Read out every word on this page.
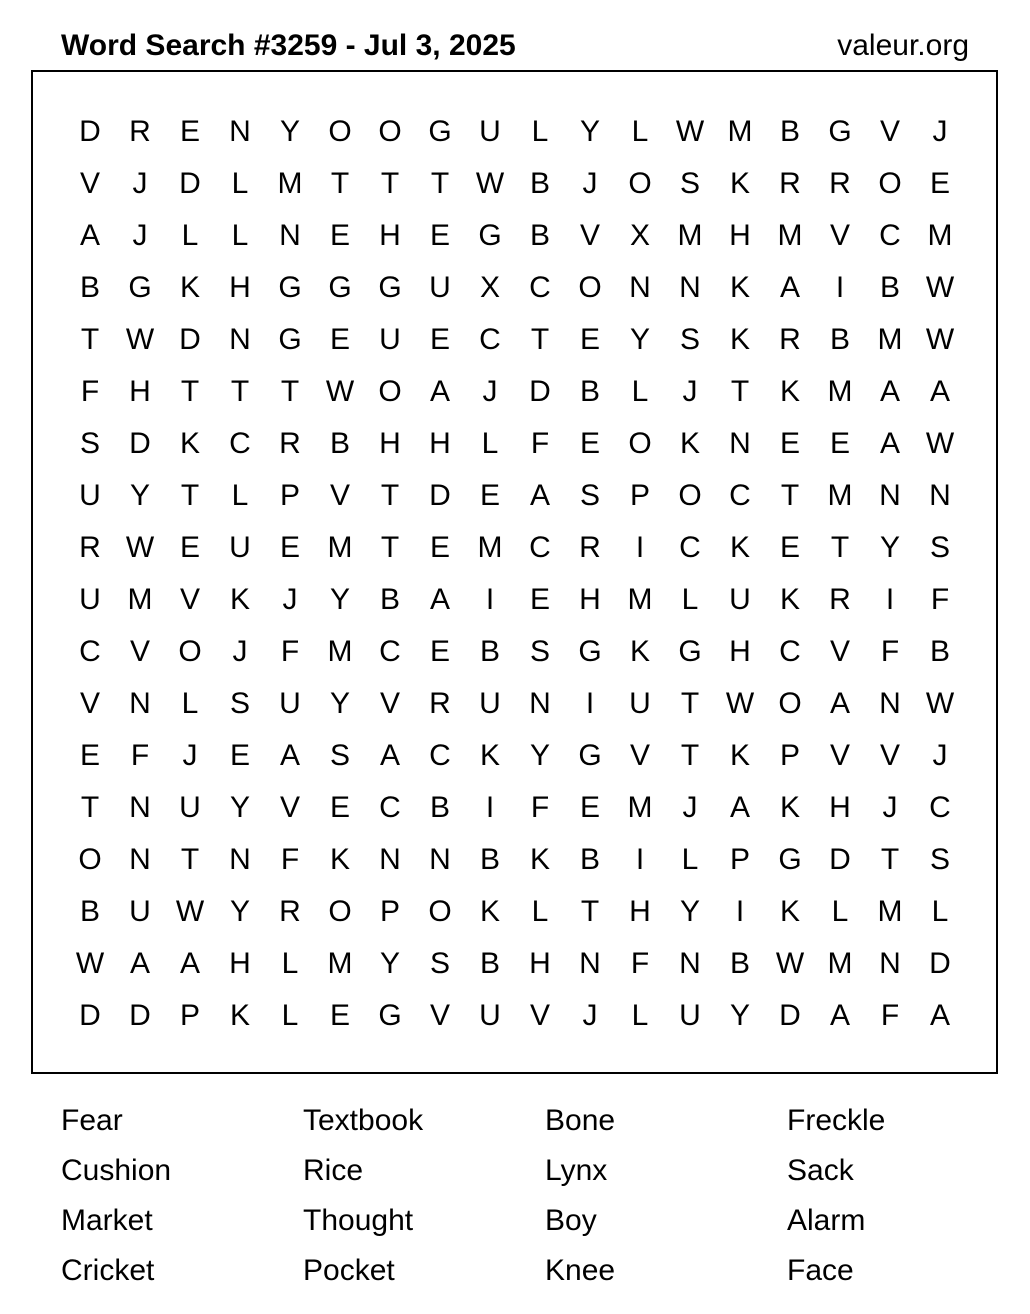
Word Search #3259 - Jul 3, 2025	valeur.org
D R E N Y O O G U	L	Y	L W M B G V	J
V	J	D	L M T	T	T W B	J	O S K R R O E
A	J	L	L	N E H E G B V X M H M V C M
B G K H G G G U X C O N N K A	I	B W
T W D N G E U E C	T	E Y S K R B M W
F	H	T	T	T W O A	J	D B	L	J	T	K M A A
S D K C R B H H	L	F	E O K N E E A W
U Y	T	L	P V	T	D E A S P O C	T M N N
R W E U E M T	E M C R	I	C K E	T	Y S
U M V K	J	Y B A	I	E H M L	U K R	I	F
C V O	J	F M C E B S G K G H C V	F	B
V N	L	S U Y V R U N	I	U	T W O A N W
E	F	J	E A S A C K Y G V	T	K P V V	J
T	N U Y V E C B	I	F	E M	J	A K H	J	C
O N	T	N	F	K N N B K B	I	L	P G D	T	S
B U W Y R O P O K	L	T	H Y	I	K	L M L
W A A H	L M Y S B H N	F	N B W M N D
D D P K	L	E G V U V	J	L	U Y D A	F	A
Fear	Textbook	Bone	Freckle
Cushion	Rice	Lynx	Sack
Market	Thought	Boy	Alarm
Cricket	Pocket	Knee	Face
